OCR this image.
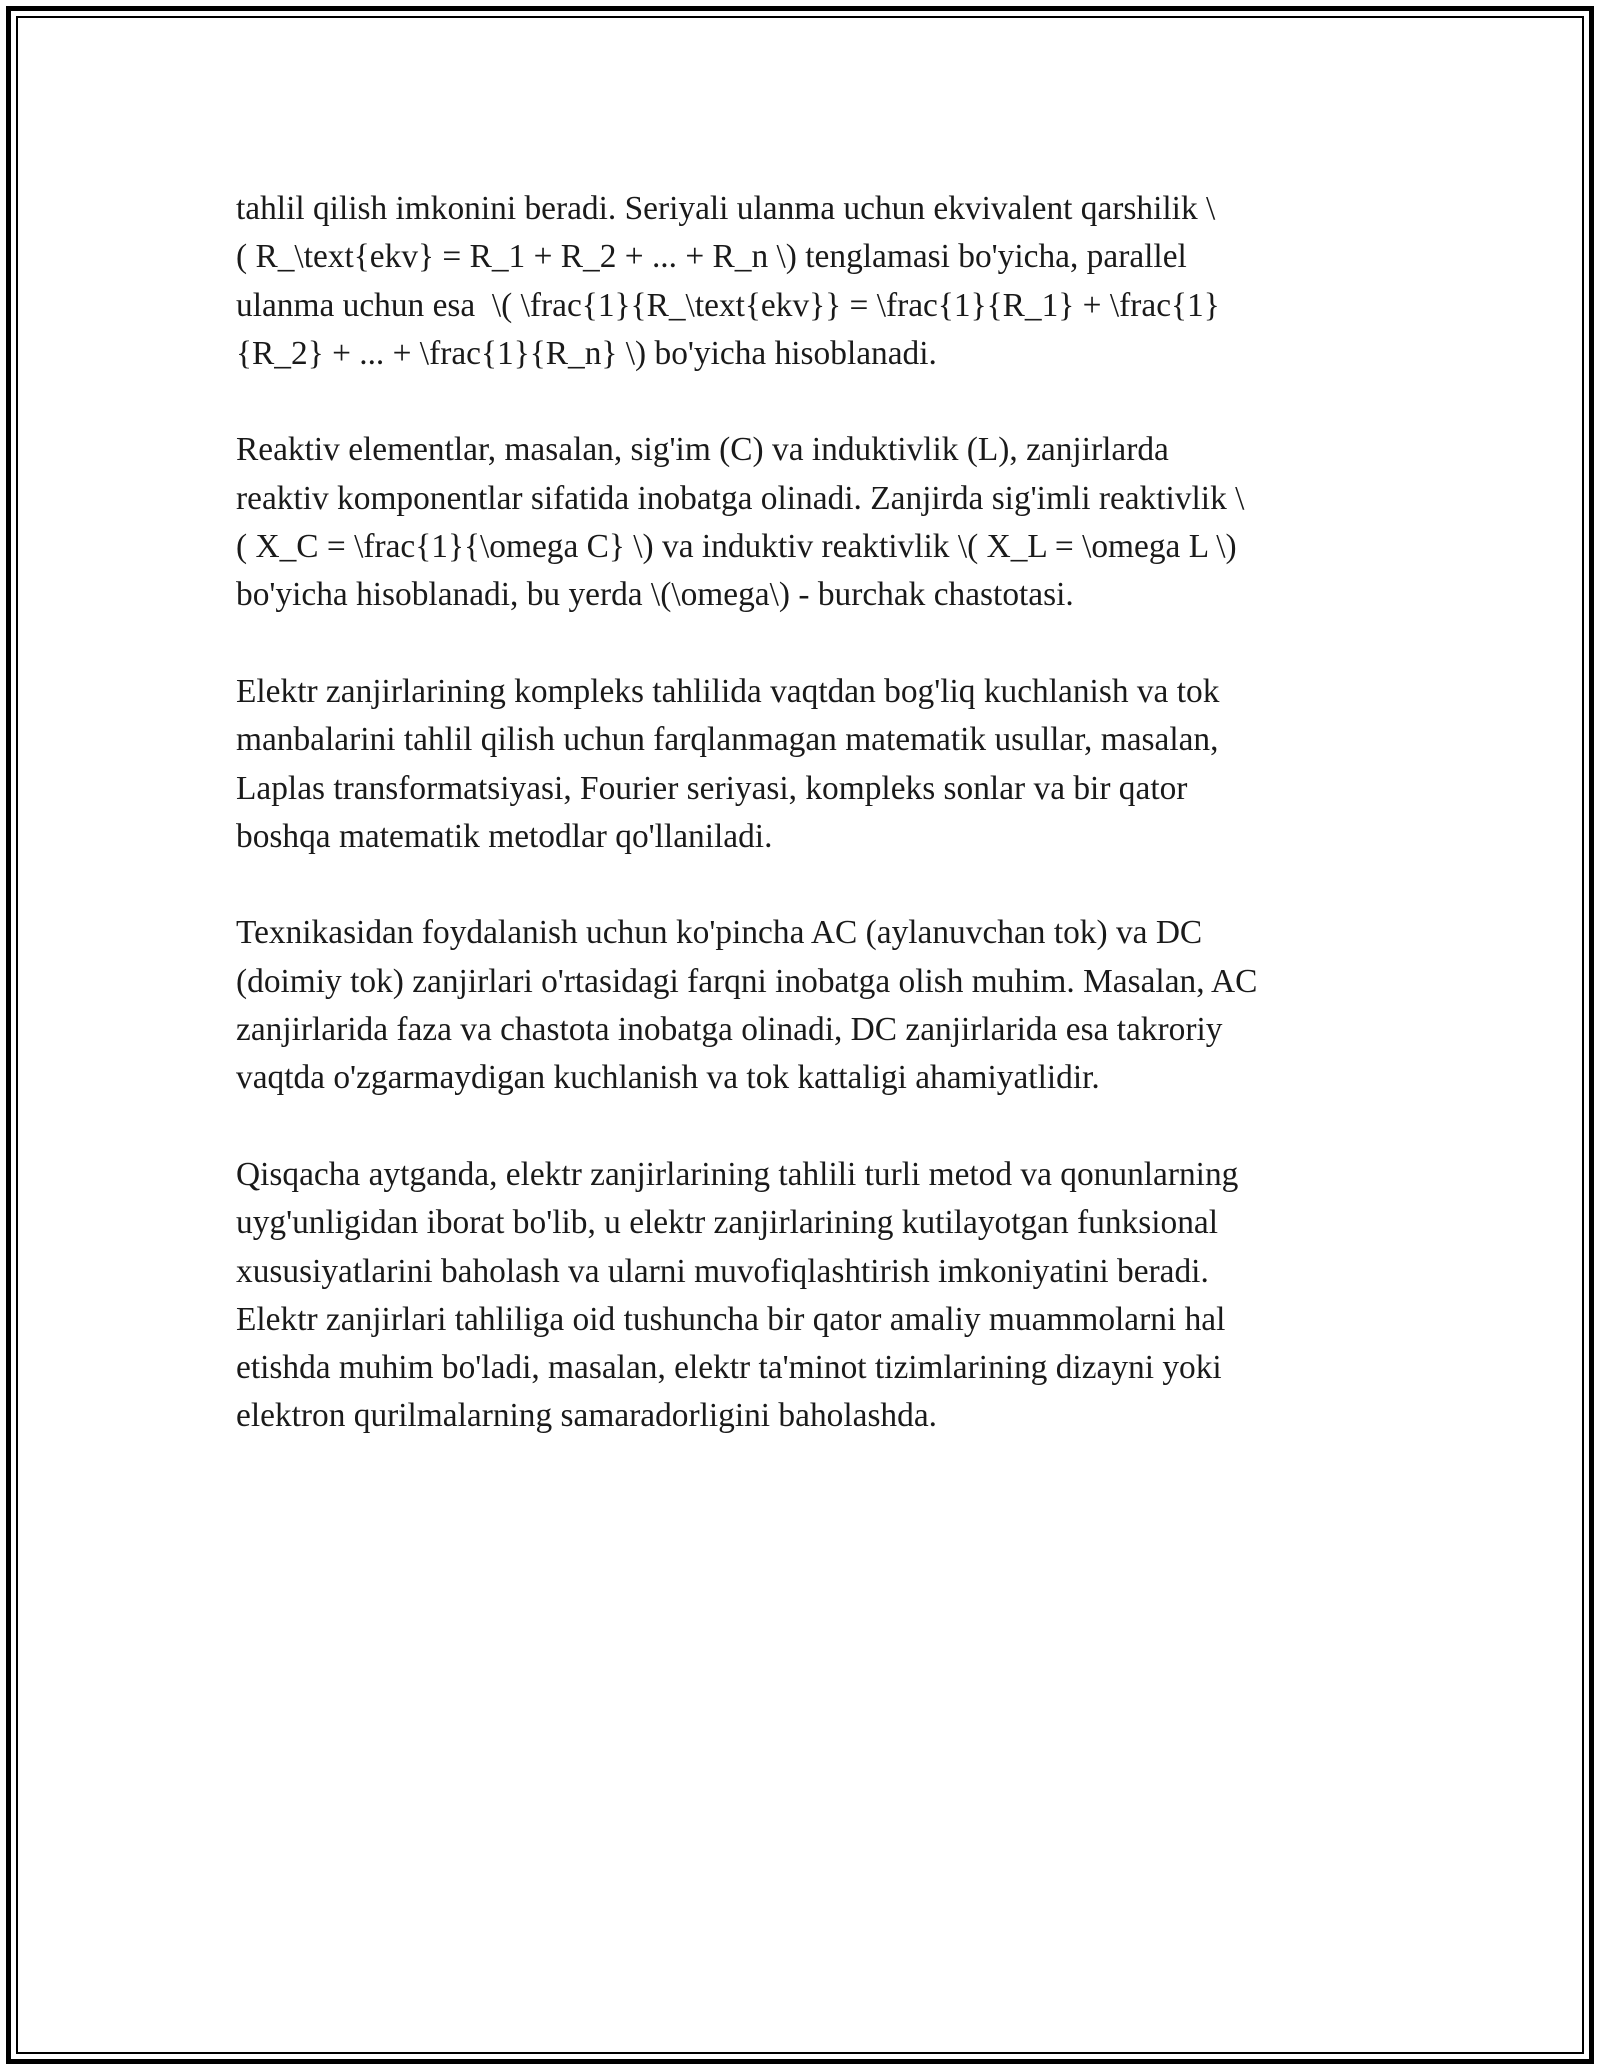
tahlil qilish imkonini beradi. Seriyali ulanma uchun ekvivalent qarshilik \
( R_\text{ekv} = R_1 + R_2 + ... + R_n \) tenglamasi bo'yicha, parallel
ulanma uchun esa  \( \frac{1}{R_\text{ekv}} = \frac{1}{R_1} + \frac{1}
{R_2} + ... + \frac{1}{R_n} \) bo'yicha hisoblanadi.

Reaktiv elementlar, masalan, sig'im (C) va induktivlik (L), zanjirlarda
reaktiv komponentlar sifatida inobatga olinadi. Zanjirda sig'imli reaktivlik \
( X_C = \frac{1}{\omega C} \) va induktiv reaktivlik \( X_L = \omega L \)
bo'yicha hisoblanadi, bu yerda \(\omega\) - burchak chastotasi.

Elektr zanjirlarining kompleks tahlilida vaqtdan bog'liq kuchlanish va tok
manbalarini tahlil qilish uchun farqlanmagan matematik usullar, masalan,
Laplas transformatsiyasi, Fourier seriyasi, kompleks sonlar va bir qator
boshqa matematik metodlar qo'llaniladi.

Texnikasidan foydalanish uchun ko'pincha AC (aylanuvchan tok) va DC
(doimiy tok) zanjirlari o'rtasidagi farqni inobatga olish muhim. Masalan, AC
zanjirlarida faza va chastota inobatga olinadi, DC zanjirlarida esa takroriy
vaqtda o'zgarmaydigan kuchlanish va tok kattaligi ahamiyatlidir.

Qisqacha aytganda, elektr zanjirlarining tahlili turli metod va qonunlarning
uyg'unligidan iborat bo'lib, u elektr zanjirlarining kutilayotgan funksional
xususiyatlarini baholash va ularni muvofiqlashtirish imkoniyatini beradi.
Elektr zanjirlari tahliliga oid tushuncha bir qator amaliy muammolarni hal
etishda muhim bo'ladi, masalan, elektr ta'minot tizimlarining dizayni yoki
elektron qurilmalarning samaradorligini baholashda.
